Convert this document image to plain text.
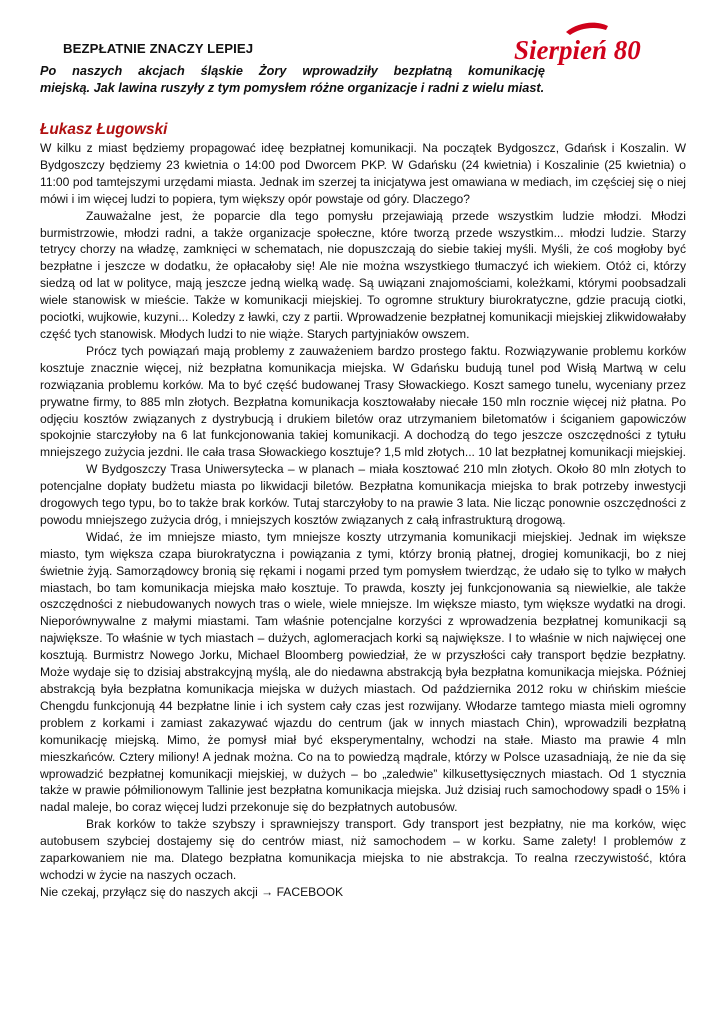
Sierpień 80
BEZPŁATNIE ZNACZY LEPIEJ
Po naszych akcjach śląskie Żory wprowadziły bezpłatną komunikację
miejską. Jak lawina ruszyły z tym pomysłem różne organizacje i radni z wielu miast.
Łukasz Ługowski

W kilku z miast będziemy propagować ideę bezpłatnej komunikacji. Na początek Bydgoszcz, Gdańsk i Koszalin. W Bydgoszczy będziemy 23 kwietnia o 14:00 pod Dworcem PKP. W Gdańsku (24 kwietnia) i Koszalinie (25 kwietnia) o 11:00 pod tamtejszymi urzędami miasta. Jednak im szerzej ta inicjatywa jest omawiana w mediach, im częściej się o niej mówi i im więcej ludzi to popiera, tym większy opór powstaje od góry. Dlaczego?

Zauważalne jest, że poparcie dla tego pomysłu przejawiają przede wszystkim ludzie młodzi. Młodzi burmistrzowie, młodzi radni, a także organizacje społeczne, które tworzą przede wszystkim... młodzi ludzie. Starzy tetrycy chorzy na władzę, zamknięci w schematach, nie dopuszczają do siebie takiej myśli. Myśli, że coś mogłoby być bezpłatne i jeszcze w dodatku, że opłacałoby się! Ale nie można wszystkiego tłumaczyć ich wiekiem. Otóż ci, którzy siedzą od lat w polityce, mają jeszcze jedną wielką wadę. Są uwiązani znajomościami, koleżkami, którymi poobsadzali wiele stanowisk w mieście. Także w komunikacji miejskiej. To ogromne struktury biurokratyczne, gdzie pracują ciotki, pociotki, wujkowie, kuzyni... Koledzy z ławki, czy z partii. Wprowadzenie bezpłatnej komunikacji miejskiej zlikwidowałaby część tych stanowisk. Młodych ludzi to nie wiąże. Starych partyjniaków owszem.

Prócz tych powiązań mają problemy z zauważeniem bardzo prostego faktu. Rozwiązywanie problemu korków kosztuje znacznie więcej, niż bezpłatna komunikacja miejska. W Gdańsku budują tunel pod Wisłą Martwą w celu rozwiązania problemu korków. Ma to być część budowanej Trasy Słowackiego. Koszt samego tunelu, wyceniany przez prywatne firmy, to 885 mln złotych. Bezpłatna komunikacja kosztowałaby niecałe 150 mln rocznie więcej niż płatna. Po odjęciu kosztów związanych z dystrybucją i drukiem biletów oraz utrzymaniem biletomatów i ściganiem gapowiczów spokojnie starczyłoby na 6 lat funkcjonowania takiej komunikacji. A dochodzą do tego jeszcze oszczędności z tytułu mniejszego zużycia jezdni. Ile cała trasa Słowackiego kosztuje? 1,5 mld złotych... 10 lat bezpłatnej komunikacji miejskiej.

W Bydgoszczy Trasa Uniwersytecka – w planach – miała kosztować 210 mln złotych. Około 80 mln złotych to potencjalne dopłaty budżetu miasta po likwidacji biletów. Bezpłatna komunikacja miejska to brak potrzeby inwestycji drogowych tego typu, bo to także brak korków. Tutaj starczyłoby to na prawie 3 lata. Nie licząc ponownie oszczędności z powodu mniejszego zużycia dróg, i mniejszych kosztów związanych z całą infrastrukturą drogową.

Widać, że im mniejsze miasto, tym mniejsze koszty utrzymania komunikacji miejskiej. Jednak im większe miasto, tym większa czapa biurokratyczna i powiązania z tymi, którzy bronią płatnej, drogiej komunikacji, bo z niej świetnie żyją. Samorządowcy bronią się rękami i nogami przed tym pomysłem twierdząc, że udało się to tylko w małych miastach, bo tam komunikacja miejska mało kosztuje. To prawda, koszty jej funkcjonowania są niewielkie, ale także oszczędności z niebudowanych nowych tras o wiele, wiele mniejsze. Im większe miasto, tym większe wydatki na drogi. Nieporównywalne z małymi miastami. Tam właśnie potencjalne korzyści z wprowadzenia bezpłatnej komunikacji są największe. To właśnie w tych miastach – dużych, aglomeracjach korki są największe. I to właśnie w nich najwięcej one kosztują. Burmistrz Nowego Jorku, Michael Bloomberg powiedział, że w przyszłości cały transport będzie bezpłatny. Może wydaje się to dzisiaj abstrakcyjną myślą, ale do niedawna abstrakcją była bezpłatna komunikacja miejska. Później abstrakcją była bezpłatna komunikacja miejska w dużych miastach. Od października 2012 roku w chińskim mieście Chengdu funkcjonują 44 bezpłatne linie i ich system cały czas jest rozwijany. Włodarze tamtego miasta mieli ogromny problem z korkami i zamiast zakazywać wjazdu do centrum (jak w innych miastach Chin), wprowadzili bezpłatną komunikację miejską. Mimo, że pomysł miał być eksperymentalny, wchodzi na stałe. Miasto ma prawie 4 mln mieszkańców. Cztery miliony! A jednak można. Co na to powiedzą mądrale, którzy w Polsce uzasadniają, że nie da się wprowadzić bezpłatnej komunikacji miejskiej, w dużych – bo „zaledwie” kilkusettysięcznych miastach. Od 1 stycznia także w prawie półmilionowym Tallinie jest bezpłatna komunikacja miejska. Już dzisiaj ruch samochodowy spadł o 15% i nadal maleje, bo coraz więcej ludzi przekonuje się do bezpłatnych autobusów.

Brak korków to także szybszy i sprawniejszy transport. Gdy transport jest bezpłatny, nie ma korków, więc autobusem szybciej dostajemy się do centrów miast, niż samochodem – w korku. Same zalety! I problemów z zaparkowaniem nie ma. Dlatego bezpłatna komunikacja miejska to nie abstrakcja. To realna rzeczywistość, która wchodzi w życie na naszych oczach.

Nie czekaj, przyłącz się do naszych akcji → FACEBOOK
